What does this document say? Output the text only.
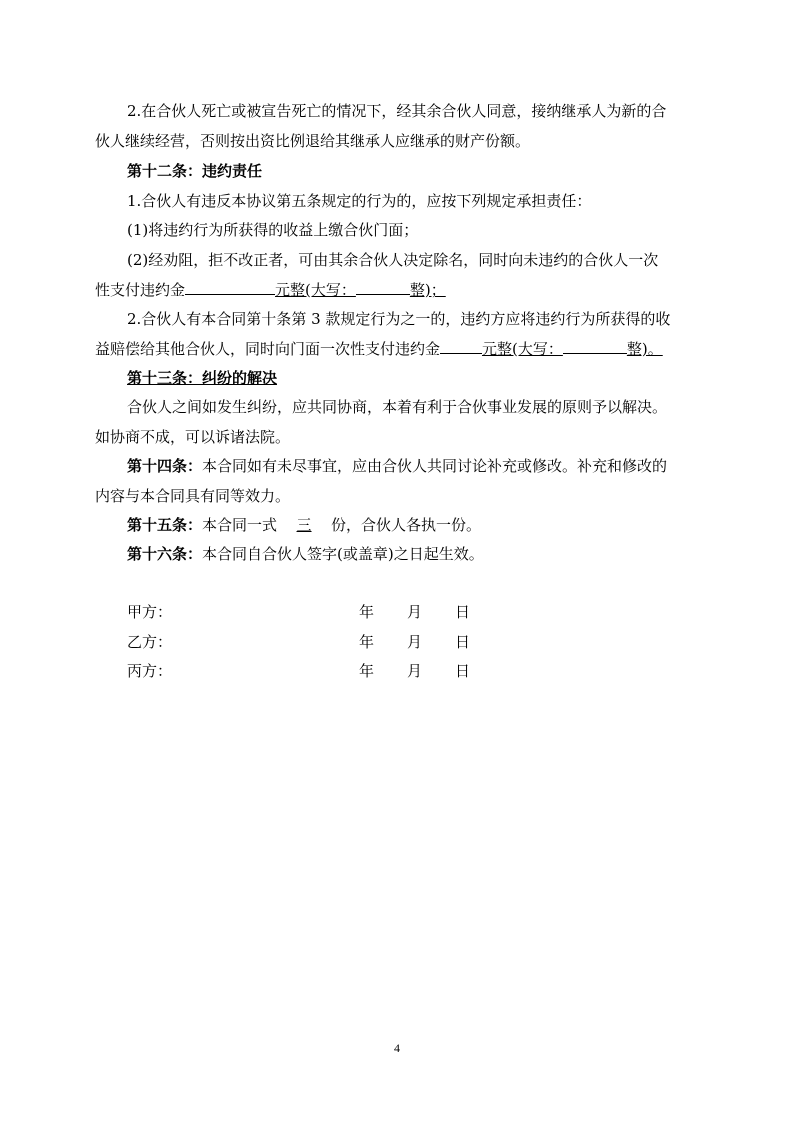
2.在合伙人死亡或被宣告死亡的情况下，经其余合伙人同意，接纳继承人为新的合
伙人继续经营，否则按出资比例退给其继承人应继承的财产份额。
第十二条：违约责任
1.合伙人有违反本协议第五条规定的行为的，应按下列规定承担责任：
(1)将违约行为所获得的收益上缴合伙门面；
(2)经劝阻，拒不改正者，可由其余合伙人决定除名，同时向未违约的合伙人一次
性支付违约金	元整(大写：	整)；
2.合伙人有本合同第十条第 3 款规定行为之一的，违约方应将违约行为所获得的收
益赔偿给其他合伙人，同时向门面一次性支付违约金	元整(大写：	整)。
第十三条：纠纷的解决
合伙人之间如发生纠纷，应共同协商，本着有利于合伙事业发展的原则予以解决。
如协商不成，可以诉诸法院。
第十四条：本合同如有未尽事宜，应由合伙人共同讨论补充或修改。补充和修改的
内容与本合同具有同等效力。
第十五条：本合同一式 三 份，合伙人各执一份。
第十六条：本合同自合伙人签字(或盖章)之日起生效。
甲方：	年 月 日
乙方：	年 月 日
丙方：	年 月 日
4
